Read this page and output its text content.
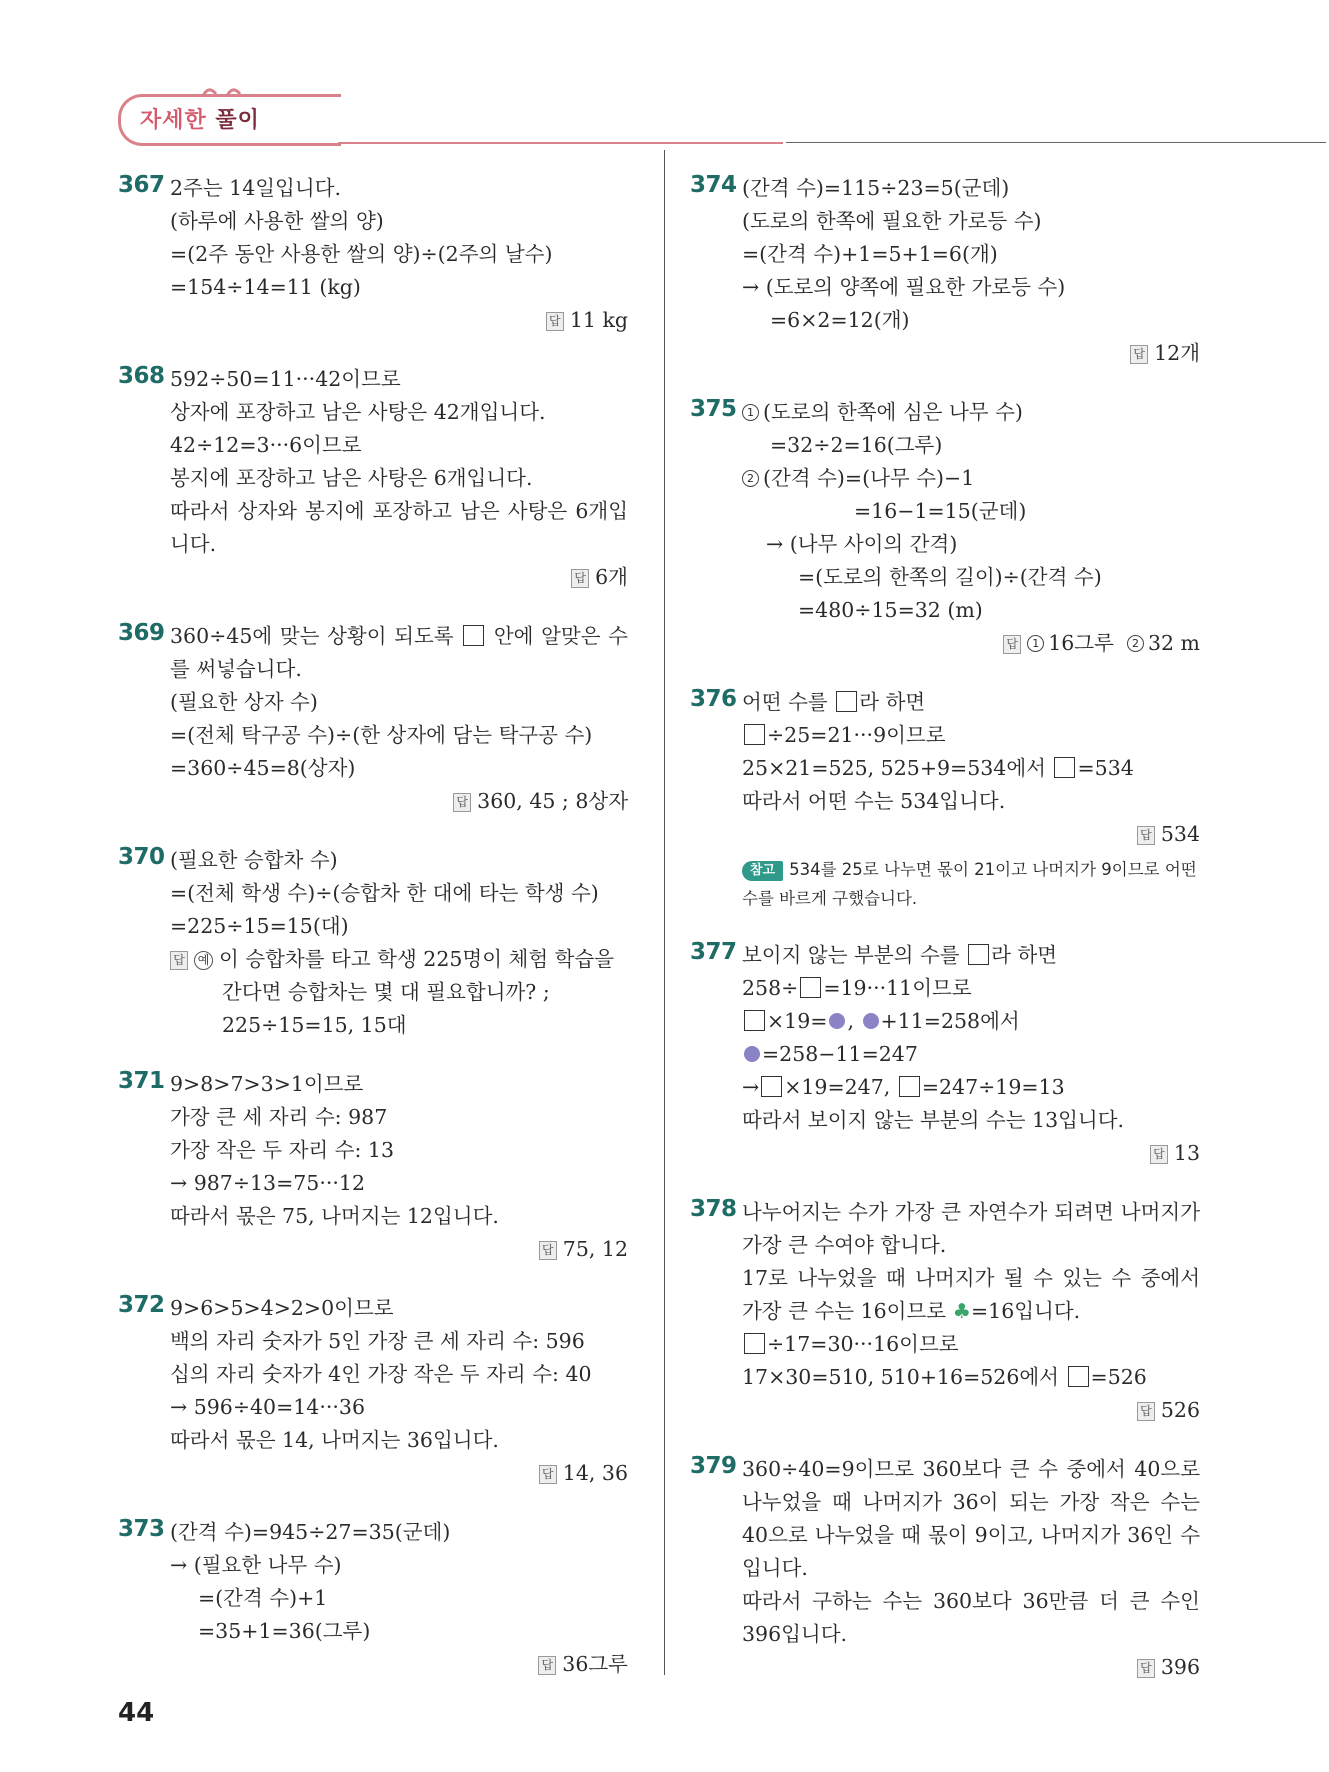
자세한 풀이
367 2주는 14일입니다.
(하루에 사용한 쌀의 양)
=(2주 동안 사용한 쌀의 양)÷(2주의 날수)
=154÷14=11 (kg)
답 11 kg
368 592÷50=11···42이므로
상자에 포장하고 남은 사탕은 42개입니다.
42÷12=3···6이므로
봉지에 포장하고 남은 사탕은 6개입니다.
따라서 상자와 봉지에 포장하고 남은 사탕은 6개입니다.
답 6개
369 360÷45에 맞는 상황이 되도록 안에 알맞은 수를 써넣습니다.
(필요한 상자 수)
=(전체 탁구공 수)÷(한 상자에 담는 탁구공 수)
=360÷45=8(상자)
답 360, 45 ; 8상자
370 (필요한 승합차 수)
=(전체 학생 수)÷(승합차 한 대에 타는 학생 수)
=225÷15=15(대)
답 예 이 승합차를 타고 학생 225명이 체험 학습을
간다면 승합차는 몇 대 필요합니까? ;
225÷15=15, 15대
371 9>8>7>3>1이므로
가장 큰 세 자리 수: 987
가장 작은 두 자리 수: 13
→ 987÷13=75···12
따라서 몫은 75, 나머지는 12입니다.
답 75, 12
372 9>6>5>4>2>0이므로
백의 자리 숫자가 5인 가장 큰 세 자리 수: 596
십의 자리 숫자가 4인 가장 작은 두 자리 수: 40
→ 596÷40=14···36
따라서 몫은 14, 나머지는 36입니다.
답 14, 36
373 (간격 수)=945÷27=35(군데)
→ (필요한 나무 수)
=(간격 수)+1
=35+1=36(그루)
답 36그루
374 (간격 수)=115÷23=5(군데)
(도로의 한쪽에 필요한 가로등 수)
=(간격 수)+1=5+1=6(개)
→ (도로의 양쪽에 필요한 가로등 수)
=6×2=12(개)
답 12개
375 1 (도로의 한쪽에 심은 나무 수)
=32÷2=16(그루)
2 (간격 수)=(나무 수)−1
=16−1=15(군데)
→ (나무 사이의 간격)
=(도로의 한쪽의 길이)÷(간격 수)
=480÷15=32 (m)
답 1 16그루 2 32 m
376 어떤 수를 라 하면
÷25=21···9이므로
25×21=525, 525+9=534에서 =534
따라서 어떤 수는 534입니다.
답 534
참고 534를 25로 나누면 몫이 21이고 나머지가 9이므로 어떤 수를 바르게 구했습니다.
377 보이지 않는 부분의 수를 라 하면
258÷ =19···11이므로
×19= , +11=258에서
=258−11=247
→ ×19=247, =247÷19=13
따라서 보이지 않는 부분의 수는 13입니다.
답 13
378 나누어지는 수가 가장 큰 자연수가 되려면 나머지가 가장 큰 수여야 합니다.
17로 나누었을 때 나머지가 될 수 있는 수 중에서 가장 큰 수는 16이므로 ♣=16입니다.
÷17=30···16이므로
17×30=510, 510+16=526에서 =526
답 526
379 360÷40=9이므로 360보다 큰 수 중에서 40으로 나누었을 때 나머지가 36이 되는 가장 작은 수는 40으로 나누었을 때 몫이 9이고, 나머지가 36인 수입니다.
따라서 구하는 수는 360보다 36만큼 더 큰 수인 396입니다.
답 396
44
